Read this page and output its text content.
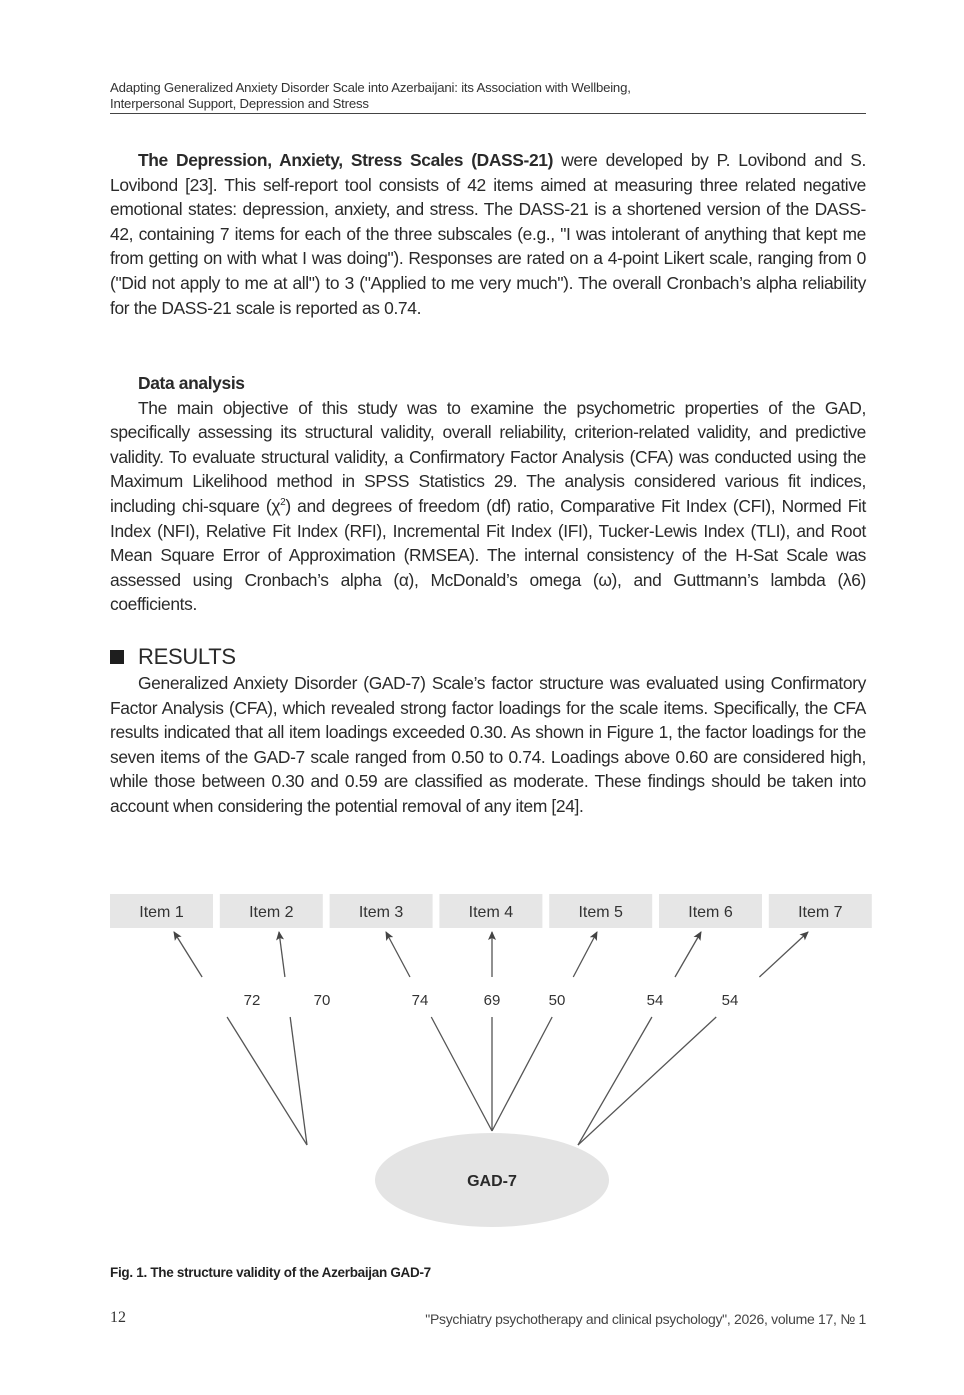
Adapting Generalized Anxiety Disorder Scale into Azerbaijani: its Association with Wellbeing,
Interpersonal Support, Depression and Stress

The Depression, Anxiety, Stress Scales (DASS-21) were developed by P. Lovibond and S. Lovibond [23]. This self-report tool consists of 42 items aimed at measuring three related negative emotional states: depression, anxiety, and stress. The DASS-21 is a shortened version of the DASS-42, containing 7 items for each of the three subscales (e.g., "I was intolerant of anything that kept me from getting on with what I was doing"). Responses are rated on a 4-point Likert scale, ranging from 0 ("Did not apply to me at all") to 3 ("Applied to me very much"). The overall Cronbach’s alpha reliability for the DASS-21 scale is reported as 0.74.

Data analysis

The main objective of this study was to examine the psychometric properties of the GAD, specifically assessing its structural validity, overall reliability, criterion-related validity, and predictive validity. To evaluate structural validity, a Confirmatory Factor Analysis (CFA) was conducted using the Maximum Likelihood method in SPSS Statistics 29. The analysis considered various fit indices, including chi-square $(\chi^2)$ and degrees of freedom (df) ratio, Comparative Fit Index (CFI), Normed Fit Index (NFI), Relative Fit Index (RFI), Incremental Fit Index (IFI), Tucker-Lewis Index (TLI), and Root Mean Square Error of Approximation (RMSEA). The internal consistency of the H-Sat Scale was assessed using Cronbach’s alpha (α), McDonald’s omega (ω), and Guttmann’s lambda (λ6) coefficients.

RESULTS

Generalized Anxiety Disorder (GAD-7) Scale’s factor structure was evaluated using Confirmatory Factor Analysis (CFA), which revealed strong factor loadings for the scale items. Specifically, the CFA results indicated that all item loadings exceeded 0.30. As shown in Figure 1, the factor loadings for the seven items of the GAD-7 scale ranged from 0.50 to 0.74. Loadings above 0.60 are considered high, while those between 0.30 and 0.59 are classified as moderate. These findings should be taken into account when considering the potential removal of any item [24].

Item 1	Item 2	Item 3	Item 4	Item 5	Item 6	Item 7
72	70	74	69	50	54	54
GAD-7
Fig. 1. The structure validity of the Azerbaijan GAD-7
12	"Psychiatry psychotherapy and clinical psychology", 2026, volume 17, № 1
